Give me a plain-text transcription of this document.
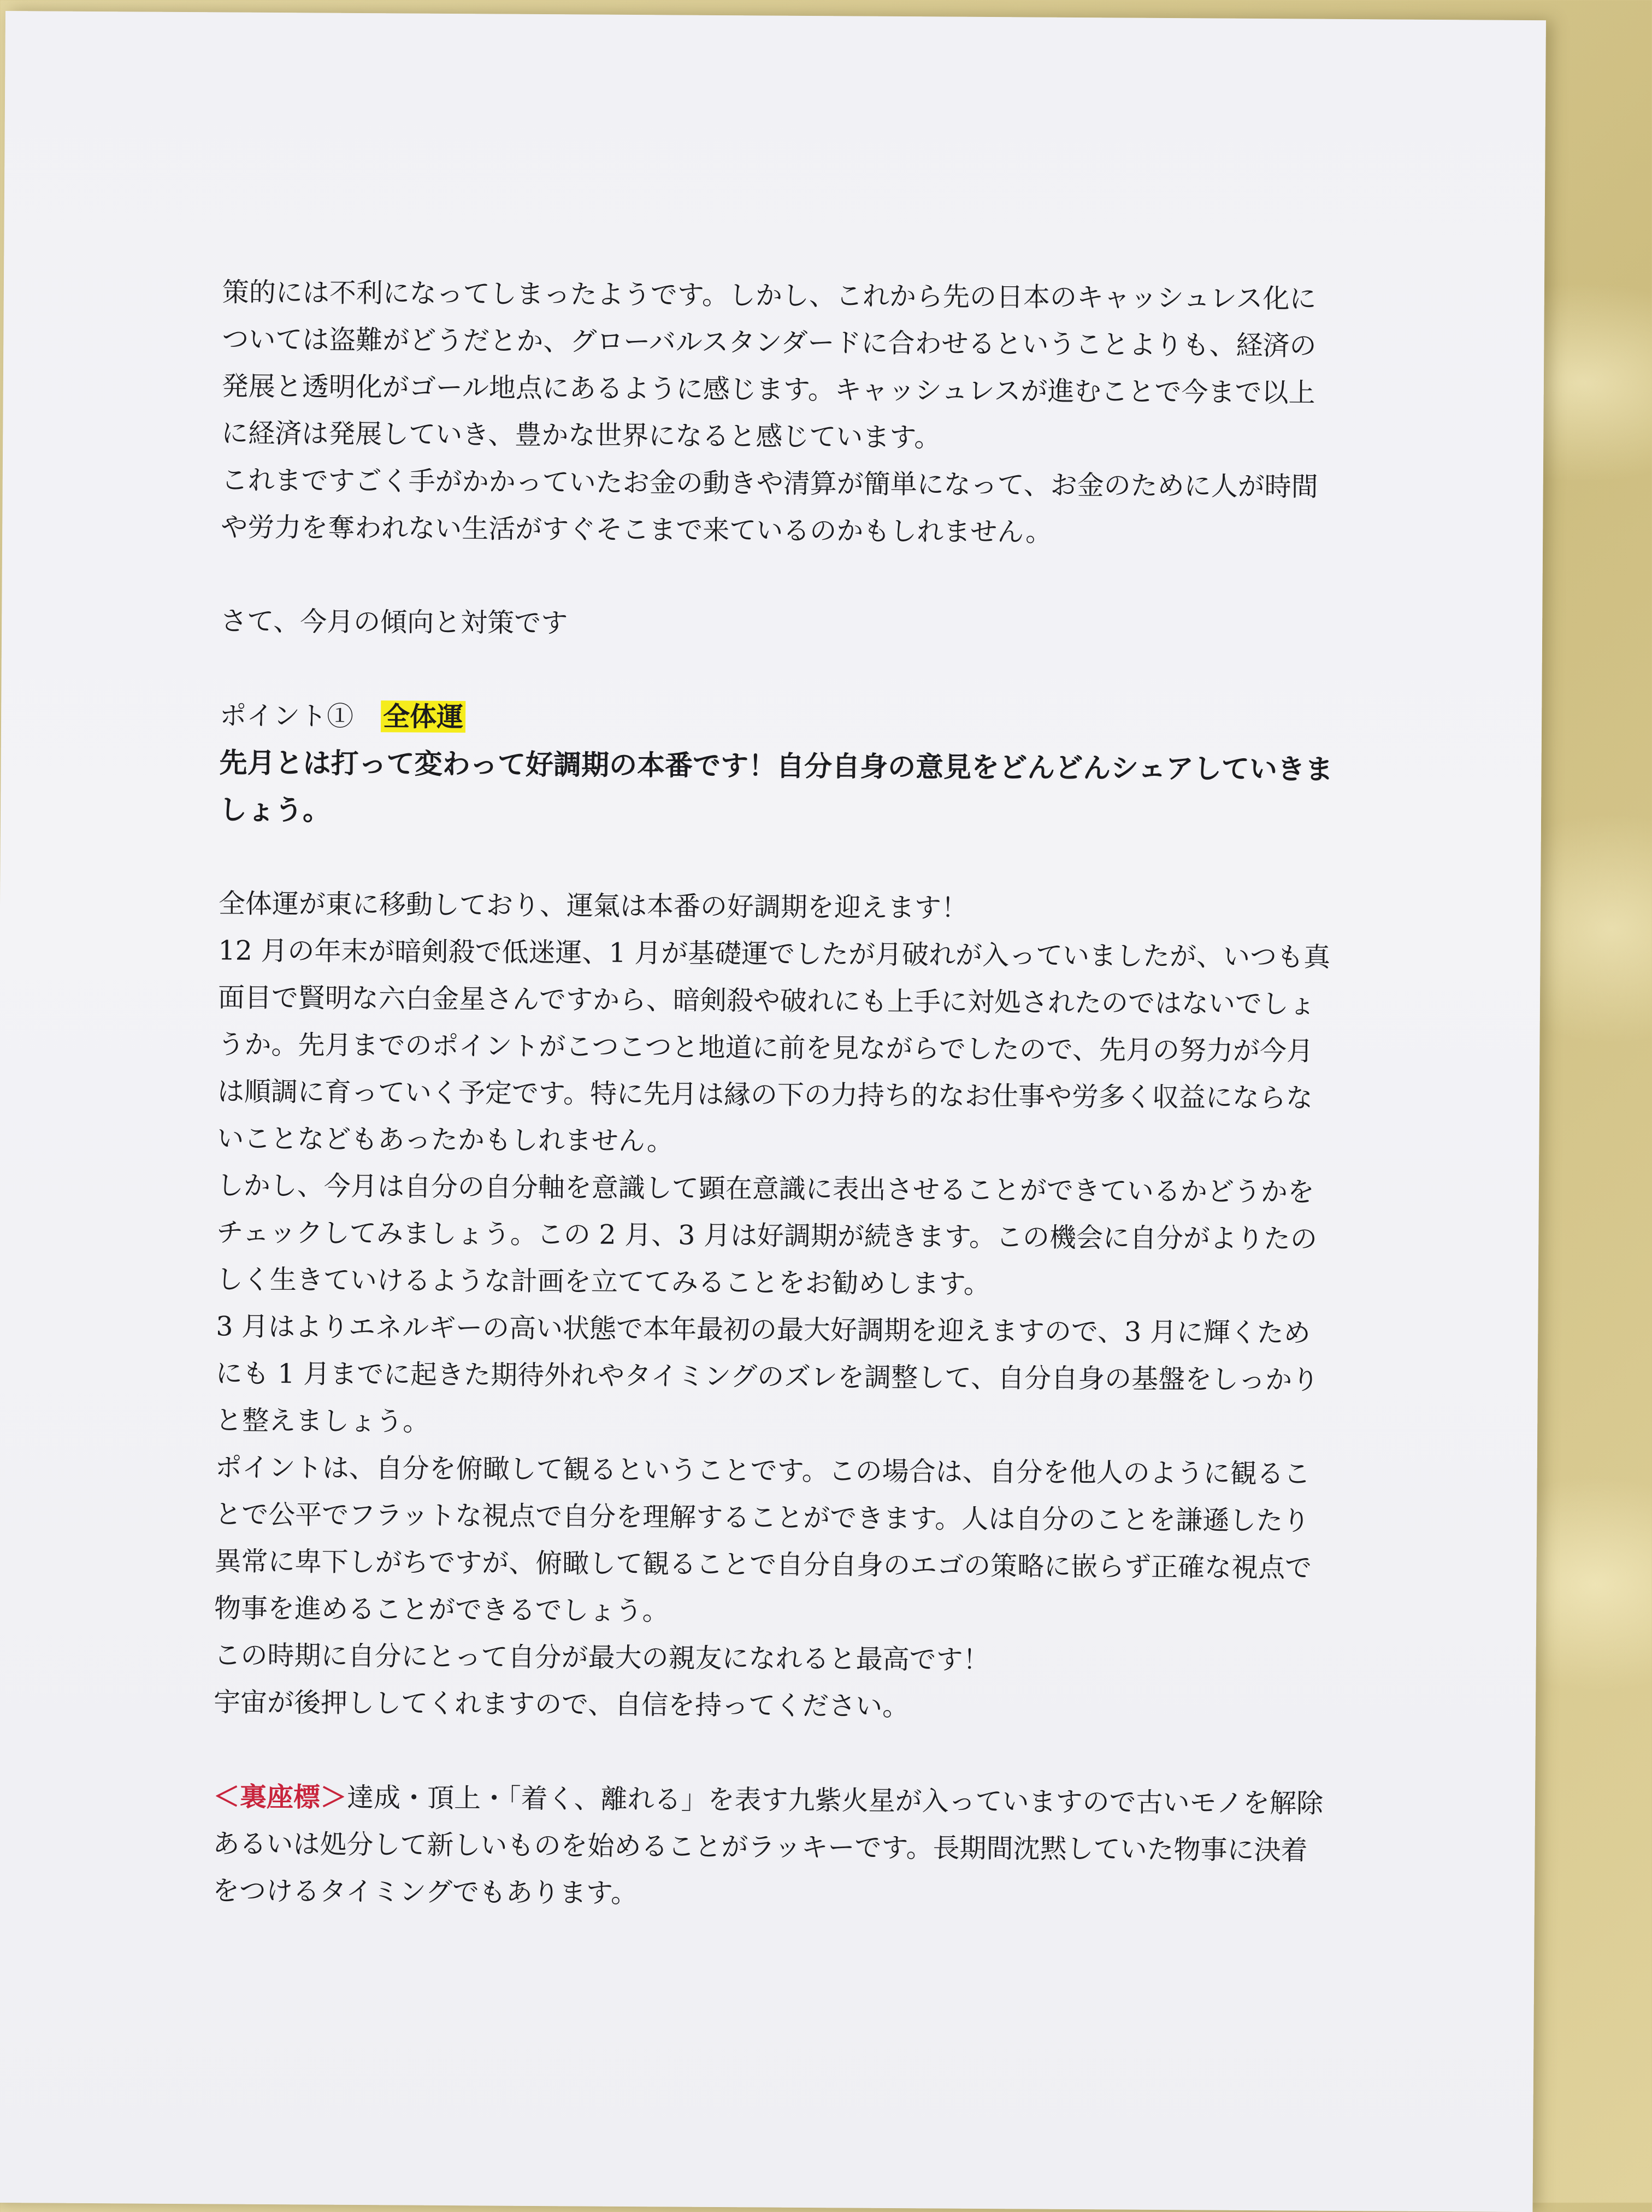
策的には不利になってしまったようです。しかし、これから先の日本のキャッシュレス化については盗難がどうだとか、グローバルスタンダードに合わせるということよりも、経済の発展と透明化がゴール地点にあるように感じます。キャッシュレスが進むことで今まで以上に経済は発展していき、豊かな世界になると感じています。

これまですごく手がかかっていたお金の動きや清算が簡単になって、お金のために人が時間や労力を奪われない生活がすぐそこまで来ているのかもしれません。

さて、今月の傾向と対策です

ポイント① 全体運

先月とは打って変わって好調期の本番です！自分自身の意見をどんどんシェアしていきましょう。

全体運が東に移動しており、運氣は本番の好調期を迎えます！

12 月の年末が暗剣殺で低迷運、1 月が基礎運でしたが月破れが入っていましたが、いつも真面目で賢明な六白金星さんですから、暗剣殺や破れにも上手に対処されたのではないでしょうか。先月までのポイントがこつこつと地道に前を見ながらでしたので、先月の努力が今月は順調に育っていく予定です。特に先月は縁の下の力持ち的なお仕事や労多く収益にならないことなどもあったかもしれません。

しかし、今月は自分の自分軸を意識して顕在意識に表出させることができているかどうかをチェックしてみましょう。この 2 月、3 月は好調期が続きます。この機会に自分がよりたのしく生きていけるような計画を立ててみることをお勧めします。

3 月はよりエネルギーの高い状態で本年最初の最大好調期を迎えますので、3 月に輝くためにも 1 月までに起きた期待外れやタイミングのズレを調整して、自分自身の基盤をしっかりと整えましょう。

ポイントは、自分を俯瞰して観るということです。この場合は、自分を他人のように観ることで公平でフラットな視点で自分を理解することができます。人は自分のことを謙遜したり異常に卑下しがちですが、俯瞰して観ることで自分自身のエゴの策略に嵌らず正確な視点で物事を進めることができるでしょう。

この時期に自分にとって自分が最大の親友になれると最高です！

宇宙が後押ししてくれますので、自信を持ってください。

＜裏座標＞達成・頂上・「着く、離れる」を表す九紫火星が入っていますので古いモノを解除あるいは処分して新しいものを始めることがラッキーです。長期間沈黙していた物事に決着をつけるタイミングでもあります。
